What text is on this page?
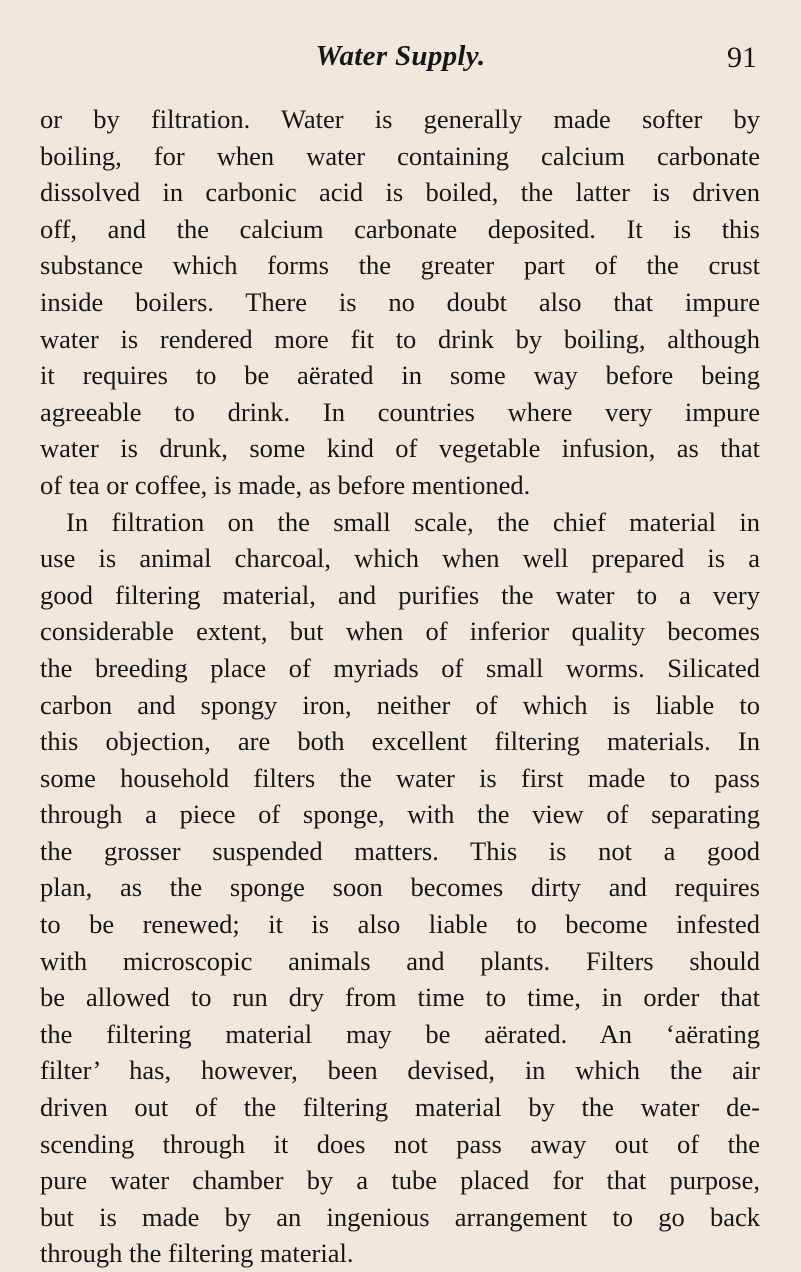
Water Supply.	91

or by filtration. Water is generally made softer by
boiling, for when water containing calcium carbonate
dissolved in carbonic acid is boiled, the latter is driven
off, and the calcium carbonate deposited. It is this
substance which forms the greater part of the crust
inside boilers. There is no doubt also that impure
water is rendered more fit to drink by boiling, although
it requires to be aërated in some way before being
agreeable to drink. In countries where very impure
water is drunk, some kind of vegetable infusion, as that
of tea or coffee, is made, as before mentioned.

In filtration on the small scale, the chief material in
use is animal charcoal, which when well prepared is a
good filtering material, and purifies the water to a very
considerable extent, but when of inferior quality becomes
the breeding place of myriads of small worms. Silicated
carbon and spongy iron, neither of which is liable to
this objection, are both excellent filtering materials. In
some household filters the water is first made to pass
through a piece of sponge, with the view of separating
the grosser suspended matters. This is not a good
plan, as the sponge soon becomes dirty and requires
to be renewed; it is also liable to become infested
with microscopic animals and plants. Filters should
be allowed to run dry from time to time, in order that
the filtering material may be aërated. An ‘aërating
filter’ has, however, been devised, in which the air
driven out of the filtering material by the water de-
scending through it does not pass away out of the
pure water chamber by a tube placed for that purpose,
but is made by an ingenious arrangement to go back
through the filtering material.
